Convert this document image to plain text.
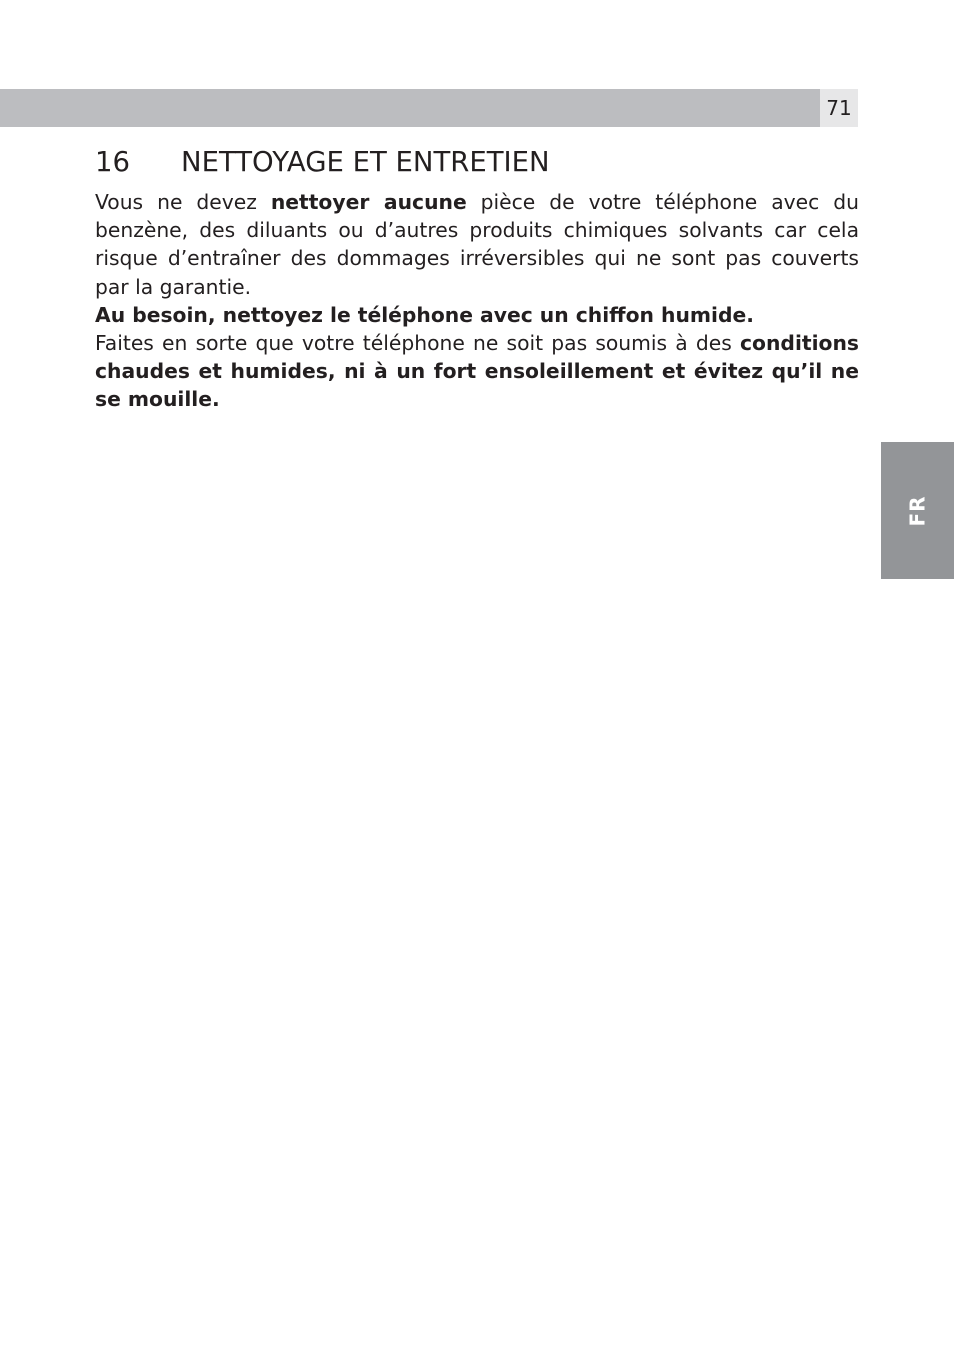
71
16 NETTOYAGE ET ENTRETIEN

Vous ne devez nettoyer aucune pièce de votre téléphone avec du benzène, des diluants ou d’autres produits chimiques solvants car cela risque d’entraîner des dommages irréversibles qui ne sont pas couverts par la garantie.

Au besoin, nettoyez le téléphone avec un chiffon humide.

Faites en sorte que votre téléphone ne soit pas soumis à des conditions chaudes et humides, ni à un fort ensoleillement et évitez qu’il ne se mouille.

FR
